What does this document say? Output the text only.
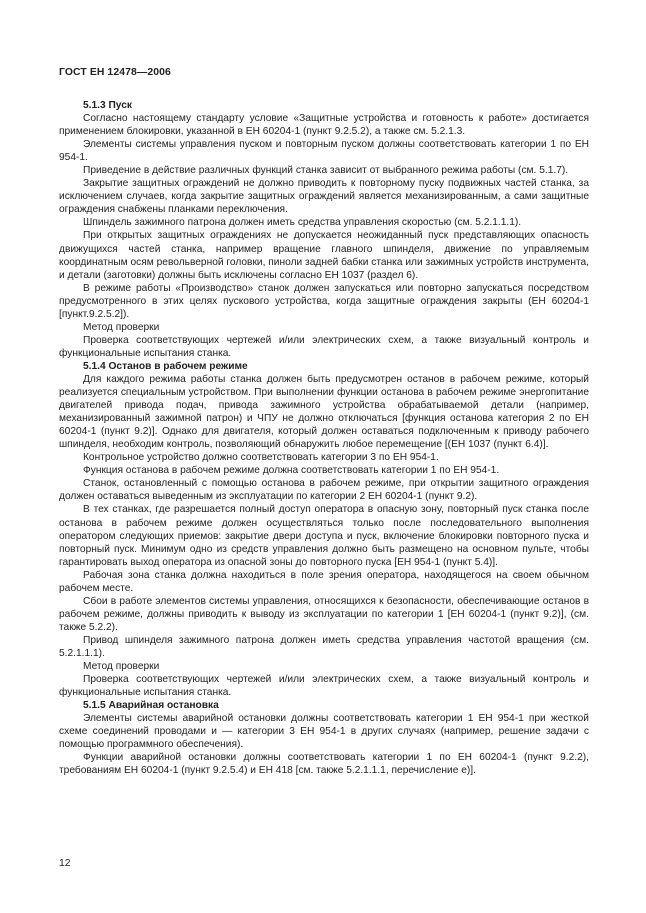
ГОСТ ЕН 12478—2006
5.1.3 Пуск

Согласно настоящему стандарту условие «Защитные устройства и готовность к работе» достигается применением блокировки, указанной в ЕН 60204-1 (пункт 9.2.5.2), а также см. 5.2.1.3.

Элементы системы управления пуском и повторным пуском должны соответствовать категории 1 по ЕН 954-1.

Приведение в действие различных функций станка зависит от выбранного режима работы (см. 5.1.7).

Закрытие защитных ограждений не должно приводить к повторному пуску подвижных частей станка, за исключением случаев, когда закрытие защитных ограждений является механизированным, а сами защитные ограждения снабжены планками переключения.

Шпиндель зажимного патрона должен иметь средства управления скоростью (см. 5.2.1.1.1).

При открытых защитных ограждениях не допускается неожиданный пуск представляющих опасность движущихся частей станка, например вращение главного шпинделя, движение по управляемым координатным осям револьверной головки, пиноли задней бабки станка или зажимных устройств инструмента, и детали (заготовки) должны быть исключены согласно ЕН 1037 (раздел 6).

В режиме работы «Производство» станок должен запускаться или повторно запускаться посредством предусмотренного в этих целях пускового устройства, когда защитные ограждения закрыты (ЕН 60204-1 [пункт.9.2.5.2]).

Метод проверки

Проверка соответствующих чертежей и/или электрических схем, а также визуальный контроль и функциональные испытания станка.

5.1.4 Останов в рабочем режиме

Для каждого режима работы станка должен быть предусмотрен останов в рабочем режиме, который реализуется специальным устройством. При выполнении функции останова в рабочем режиме энергопитание двигателей привода подач, привода зажимного устройства обрабатываемой детали (например, механизированный зажимной патрон) и ЧПУ не должно отключаться [функция останова категория 2 по ЕН 60204-1 (пункт 9.2)]. Однако для двигателя, который должен оставаться подключенным к приводу рабочего шпинделя, необходим контроль, позволяющий обнаружить любое перемещение [(ЕН 1037 (пункт 6.4)].

Контрольное устройство должно соответствовать категории 3 по ЕН 954-1.

Функция останова в рабочем режиме должна соответствовать категории 1 по ЕН 954-1.

Станок, остановленный с помощью останова в рабочем режиме, при открытии защитного ограждения должен оставаться выведенным из эксплуатации по категории 2 ЕН 60204-1 (пункт 9.2).

В тех станках, где разрешается полный доступ оператора в опасную зону, повторный пуск станка после останова в рабочем режиме должен осуществляться только после последовательного выполнения оператором следующих приемов: закрытие двери доступа и пуск, включение блокировки повторного пуска и повторный пуск. Минимум одно из средств управления должно быть размещено на основном пульте, чтобы гарантировать выход оператора из опасной зоны до повторного пуска [ЕН 954-1 (пункт 5.4)].

Рабочая зона станка должна находиться в поле зрения оператора, находящегося на своем обычном рабочем месте.

Сбои в работе элементов системы управления, относящихся к безопасности, обеспечивающие останов в рабочем режиме, должны приводить к выводу из эксплуатации по категории 1 [ЕН 60204-1 (пункт 9.2)], (см. также 5.2.2).

Привод шпинделя зажимного патрона должен иметь средства управления частотой вращения (см. 5.2.1.1.1).

Метод проверки

Проверка соответствующих чертежей и/или электрических схем, а также визуальный контроль и функциональные испытания станка.

5.1.5 Аварийная остановка

Элементы системы аварийной остановки должны соответствовать категории 1 ЕН 954-1 при жесткой схеме соединений проводами и — категории 3 ЕН 954-1 в других случаях (например, решение задачи с помощью программного обеспечения).

Функции аварийной остановки должны соответствовать категории 1 по ЕН 60204-1 (пункт 9.2.2), требованиям ЕН 60204-1 (пункт 9.2.5.4) и ЕН 418 [см. также 5.2.1.1.1, перечисление е)].

12
